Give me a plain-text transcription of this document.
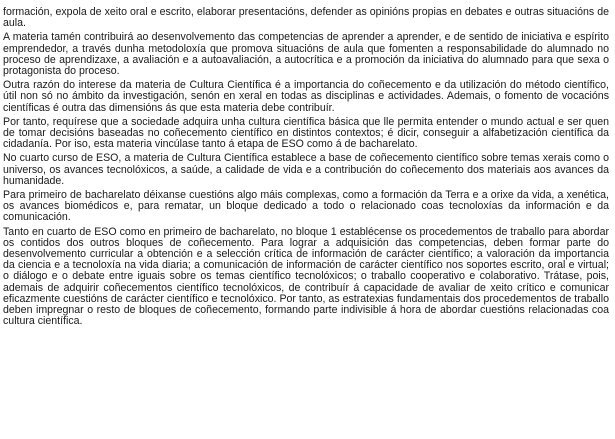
formación, expola de xeito oral e escrito, elaborar presentacións, defender as opinións propias en debates e outras situacións de aula.

A materia tamén contribuirá ao desenvolvemento das competencias de aprender a aprender, e de sentido de iniciativa e espírito emprendedor, a través dunha metodoloxía que promova situacións de aula que fomenten a responsabilidade do alumnado no proceso de aprendizaxe, a avaliación e a autoavaliación, a autocrítica e a promoción da iniciativa do alumnado para que sexa o protagonista do proceso.

Outra razón do interese da materia de Cultura Científica é a importancia do coñecemento e da utilización do método científico, útil non só no ámbito da investigación, senón en xeral en todas as disciplinas e actividades. Ademais, o fomento de vocacións científicas é outra das dimensións ás que esta materia debe contribuír.

Por tanto, requírese que a sociedade adquira unha cultura científica básica que lle permita entender o mundo actual e ser quen de tomar decisións baseadas no coñecemento científico en distintos contextos; é dicir, conseguir a alfabetización científica da cidadanía. Por iso, esta materia vincúlase tanto á etapa de ESO como á de bacharelato.

No cuarto curso de ESO, a materia de Cultura Científica establece a base de coñecemento científico sobre temas xerais como o universo, os avances tecnolóxicos, a saúde, a calidade de vida e a contribución do coñecemento dos materiais aos avances da humanidade.

Para primeiro de bacharelato déixanse cuestións algo máis complexas, como a formación da Terra e a orixe da vida, a xenética, os avances biomédicos e, para rematar, un bloque dedicado a todo o relacionado coas tecnoloxías da información e da comunicación.

Tanto en cuarto de ESO como en primeiro de bacharelato, no bloque 1 establécense os procedementos de traballo para abordar os contidos dos outros bloques de coñecemento. Para lograr a adquisición das competencias, deben formar parte do desenvolvemento curricular a obtención e a selección crítica de información de carácter científico; a valoración da importancia da ciencia e a tecnoloxía na vida diaria; a comunicación de información de carácter científico nos soportes escrito, oral e virtual; o diálogo e o debate entre iguais sobre os temas científico tecnolóxicos; o traballo cooperativo e colaborativo. Trátase, pois, ademais de adquirir coñecementos científico tecnolóxicos, de contribuír á capacidade de avaliar de xeito crítico e comunicar eficazmente cuestións de carácter científico e tecnolóxico. Por tanto, as estratexias fundamentais dos procedementos de traballo deben impregnar o resto de bloques de coñecemento, formando parte indivisible á hora de abordar cuestións relacionadas coa cultura científica.
